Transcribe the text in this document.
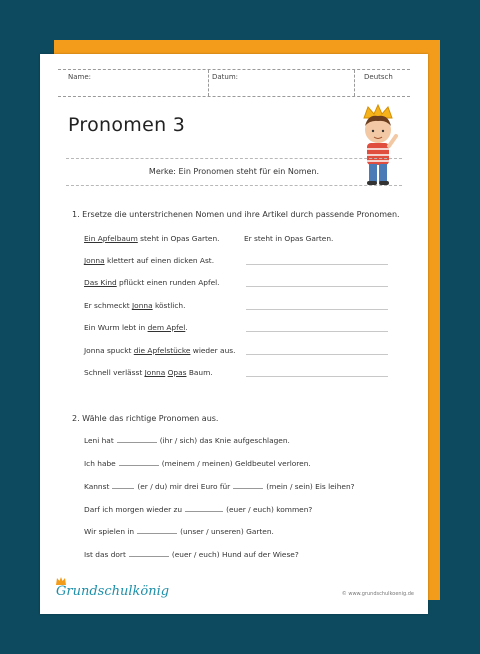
Name:	Datum:	Deutsch
Pronomen 3
Merke: Ein Pronomen steht für ein Nomen.
1. Ersetze die unterstrichenen Nomen und ihre Artikel durch passende Pronomen.
Ein Apfelbaum steht in Opas Garten.	Er steht in Opas Garten.
Jonna klettert auf einen dicken Ast.
Das Kind pflückt einen runden Apfel.
Er schmeckt Jonna köstlich.
Ein Wurm lebt in dem Apfel.
Jonna spuckt die Apfelstücke wieder aus.
Schnell verlässt Jonna Opas Baum.
2. Wähle das richtige Pronomen aus.
Leni hat	(ihr / sich) das Knie aufgeschlagen.
Ich habe	(meinem / meinen) Geldbeutel verloren.
Kannst	(er / du) mir drei Euro für	(mein / sein) Eis leihen?
Darf ich morgen wieder zu	(euer / euch) kommen?
Wir spielen in	(unser / unseren) Garten.
Ist das dort	(euer / euch) Hund auf der Wiese?
Grundschulkönig	© www.grundschulkoenig.de
